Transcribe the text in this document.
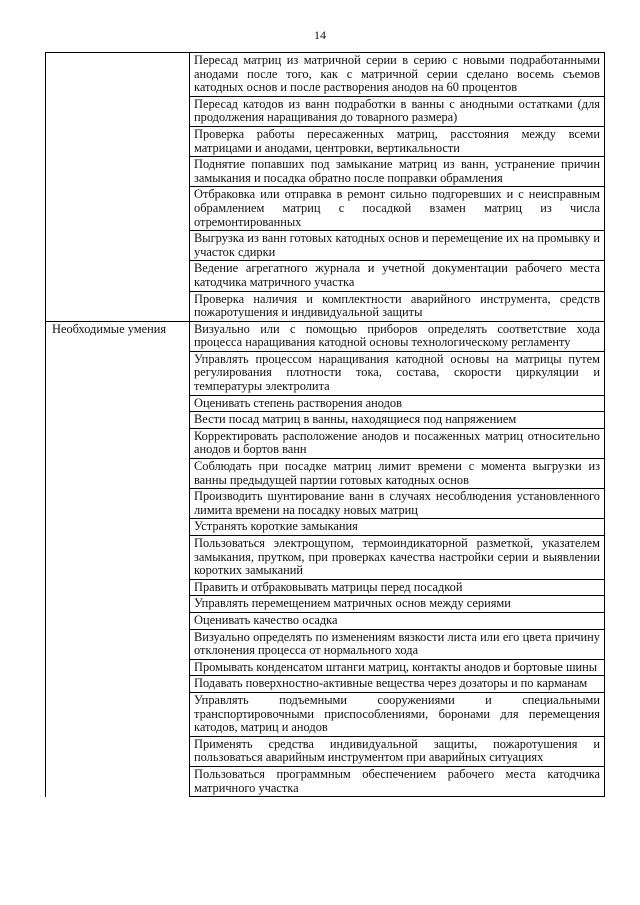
14
	Пересад матриц из матричной серии в серию с новыми подработанными анодами после того, как с матричной серии сделано восемь съемов катодных основ и после растворения анодов на 60 процентов
	Пересад катодов из ванн подработки в ванны с анодными остатками (для продолжения наращивания до товарного размера)
	Проверка работы пересаженных матриц, расстояния между всеми матрицами и анодами, центровки, вертикальности
	Поднятие попавших под замыкание матриц из ванн, устранение причин замыкания и посадка обратно после поправки обрамления
	Отбраковка или отправка в ремонт сильно подгоревших и с неисправным обрамлением матриц с посадкой взамен матриц из числа отремонтированных
	Выгрузка из ванн готовых катодных основ и перемещение их на промывку и участок сдирки
	Ведение агрегатного журнала и учетной документации рабочего места катодчика матричного участка
	Проверка наличия и комплектности аварийного инструмента, средств пожаротушения и индивидуальной защиты
Необходимые умения	Визуально или с помощью приборов определять соответствие хода процесса наращивания катодной основы технологическому регламенту
	Управлять процессом наращивания катодной основы на матрицы путем регулирования плотности тока, состава, скорости циркуляции и температуры электролита
	Оценивать степень растворения анодов
	Вести посад матриц в ванны, находящиеся под напряжением
	Корректировать расположение анодов и посаженных матриц относительно анодов и бортов ванн
	Соблюдать при посадке матриц лимит времени с момента выгрузки из ванны предыдущей партии готовых катодных основ
	Производить шунтирование ванн в случаях несоблюдения установленного лимита времени на посадку новых матриц
	Устранять короткие замыкания
	Пользоваться электрощупом, термоиндикаторной разметкой, указателем замыкания, прутком, при проверках качества настройки серии и выявлении коротких замыканий
	Править и отбраковывать матрицы перед посадкой
	Управлять перемещением матричных основ между сериями
	Оценивать качество осадка
	Визуально определять по изменениям вязкости листа или его цвета причину отклонения процесса от нормального хода
	Промывать конденсатом штанги матриц, контакты анодов и бортовые шины
	Подавать поверхностно-активные вещества через дозаторы и по карманам
	Управлять подъемными сооружениями и специальными транспортировочными приспособлениями, боронами для перемещения катодов, матриц и анодов
	Применять средства индивидуальной защиты, пожаротушения и пользоваться аварийным инструментом при аварийных ситуациях
	Пользоваться программным обеспечением рабочего места катодчика матричного участка
